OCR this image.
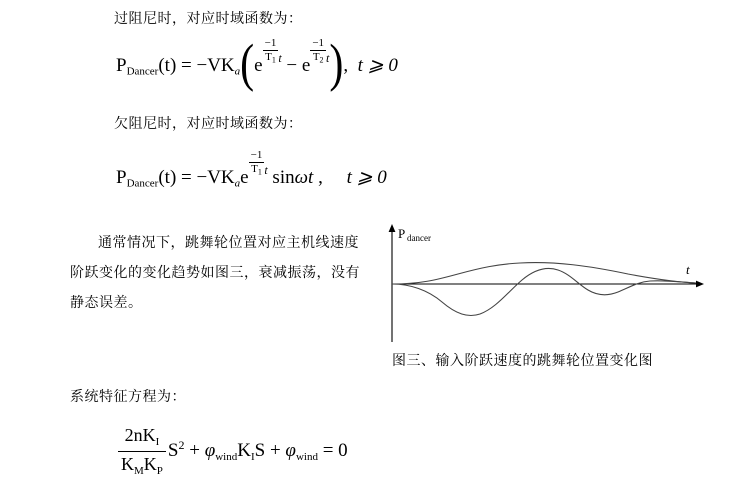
过阻尼时，对应时域函数为：
$P_{Dancer}(t) = -VK_a(e$
$\frac{-1}{T_1} ^t - e$
$\frac{-1}{T_2} ^t$),  t ⩾ 0
欠阻尼时，对应时域函数为：
$P_{Dancer}(t) = -VK_ae$
$\frac{-1}{T_1} ^t$ sinωt ,     t ⩾ 0
通常情况下，跳舞轮位置对应主机线速度阶跃变化的变化趋势如图三，衰减振荡，没有静态误差。
P dancer
t
图三、输入阶跃速度的跳舞轮位置变化图
系统特征方程为：
$\frac{2nK_I}{K_MK_P} S^2 + \varphi_{wind}K_IS + \varphi_{wind} = 0$
